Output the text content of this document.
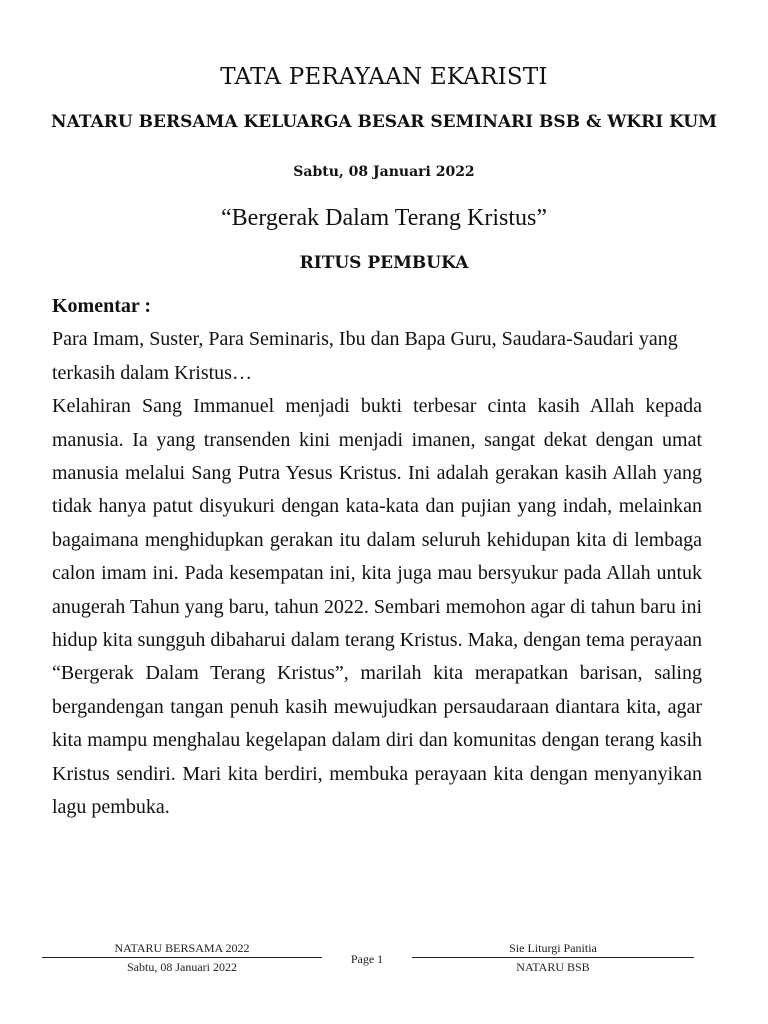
TATA PERAYAAN EKARISTI
NATARU BERSAMA KELUARGA BESAR SEMINARI BSB & WKRI KUM
Sabtu, 08 Januari 2022
“Bergerak Dalam Terang Kristus”
RITUS PEMBUKA

Komentar :

Para Imam, Suster, Para Seminaris, Ibu dan Bapa Guru, Saudara-Saudari yang terkasih dalam Kristus…

Kelahiran Sang Immanuel menjadi bukti terbesar cinta kasih Allah kepada manusia. Ia yang transenden kini menjadi imanen, sangat dekat dengan umat manusia melalui Sang Putra Yesus Kristus. Ini adalah gerakan kasih Allah yang tidak hanya patut disyukuri dengan kata-kata dan pujian yang indah, melainkan bagaimana menghidupkan gerakan itu dalam seluruh kehidupan kita di lembaga calon imam ini. Pada kesempatan ini, kita juga mau bersyukur pada Allah untuk anugerah Tahun yang baru, tahun 2022. Sembari memohon agar di tahun baru ini hidup kita sungguh dibaharui dalam terang Kristus. Maka, dengan tema perayaan “Bergerak Dalam Terang Kristus”, marilah kita merapatkan barisan, saling bergandengan tangan penuh kasih mewujudkan persaudaraan diantara kita, agar kita mampu menghalau kegelapan dalam diri dan komunitas dengan terang kasih Kristus sendiri. Mari kita berdiri, membuka perayaan kita dengan menyanyikan lagu pembuka.

NATARU BERSAMA 2022
Sabtu, 08 Januari 2022
Page 1
Sie Liturgi Panitia
NATARU BSB
